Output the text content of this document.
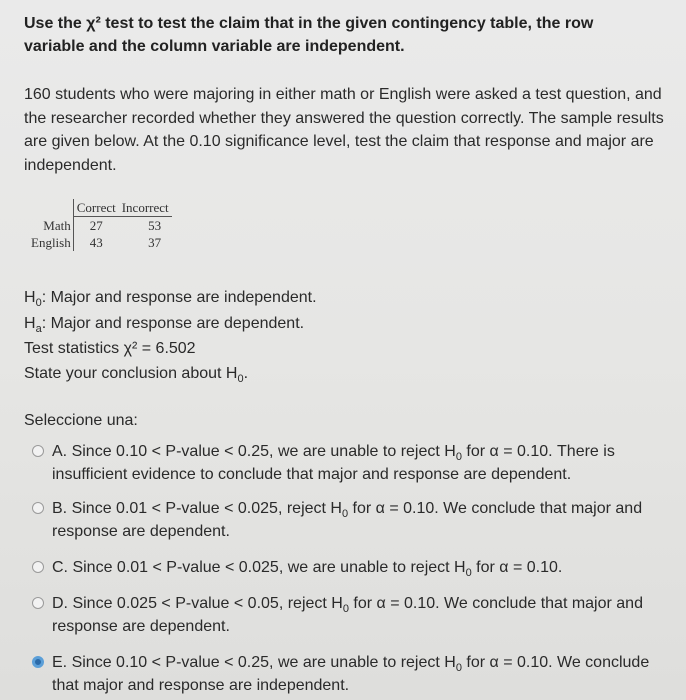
Use the χ² test to test the claim that in the given contingency table, the row variable and the column variable are independent.
160 students who were majoring in either math or English were asked a test question, and the researcher recorded whether they answered the question correctly. The sample results are given below. At the 0.10 significance level, test the claim that response and major are independent.
	Correct	Incorrect
Math	27	53
English	43	37
$H_0$: Major and response are independent.
$H_a$: Major and response are dependent.
Test statistics χ² = 6.502
State your conclusion about $H_0$.
Seleccione una:
A. Since 0.10 < P-value < 0.25, we are unable to reject $H_0$ for α = 0.10. There is insufficient evidence to conclude that major and response are dependent.
B. Since 0.01 < P-value < 0.025, reject $H_0$ for α = 0.10. We conclude that major and response are dependent.
C. Since 0.01 < P-value < 0.025, we are unable to reject $H_0$ for α = 0.10.
D. Since 0.025 < P-value < 0.05, reject $H_0$ for α = 0.10. We conclude that major and response are dependent.
E. Since 0.10 < P-value < 0.25, we are unable to reject $H_0$ for α = 0.10. We conclude that major and response are independent.
